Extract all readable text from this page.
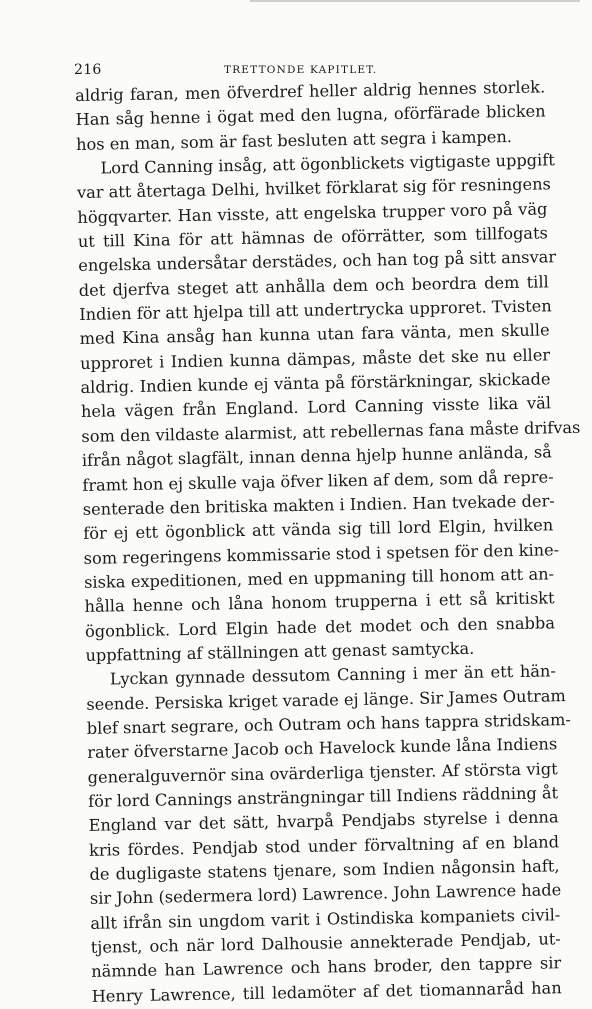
216	TRETTONDE KAPITLET.
aldrig faran, men öfverdref heller aldrig hennes storlek.
Han såg henne i ögat med den lugna, oförfärade blicken
hos en man, som är fast besluten att segra i kampen.
Lord Canning insåg, att ögonblickets vigtigaste uppgift
var att återtaga Delhi, hvilket förklarat sig för resningens
högqvarter. Han visste, att engelska trupper voro på väg
ut till Kina för att hämnas de oförrätter, som tillfogats
engelska undersåtar derstädes, och han tog på sitt ansvar
det djerfva steget att anhålla dem och beordra dem till
Indien för att hjelpa till att undertrycka upproret. Tvisten
med Kina ansåg han kunna utan fara vänta, men skulle
upproret i Indien kunna dämpas, måste det ske nu eller
aldrig. Indien kunde ej vänta på förstärkningar, skickade
hela vägen från England. Lord Canning visste lika väl
som den vildaste alarmist, att rebellernas fana måste drifvas
ifrån något slagfält, innan denna hjelp hunne anlända, så
framt hon ej skulle vaja öfver liken af dem, som då repre-
senterade den britiska makten i Indien. Han tvekade der-
för ej ett ögonblick att vända sig till lord Elgin, hvilken
som regeringens kommissarie stod i spetsen för den kine-
siska expeditionen, med en uppmaning till honom att an-
hålla henne och låna honom trupperna i ett så kritiskt
ögonblick. Lord Elgin hade det modet och den snabba
uppfattning af ställningen att genast samtycka.
Lyckan gynnade dessutom Canning i mer än ett hän-
seende. Persiska kriget varade ej länge. Sir James Outram
blef snart segrare, och Outram och hans tappra stridskam-
rater öfverstarne Jacob och Havelock kunde låna Indiens
generalguvernör sina ovärderliga tjenster. Af största vigt
för lord Cannings ansträngningar till Indiens räddning åt
England var det sätt, hvarpå Pendjabs styrelse i denna
kris fördes. Pendjab stod under förvaltning af en bland
de dugligaste statens tjenare, som Indien någonsin haft,
sir John (sedermera lord) Lawrence. John Lawrence hade
allt ifrån sin ungdom varit i Ostindiska kompaniets civil-
tjenst, och när lord Dalhousie annekterade Pendjab, ut-
nämnde han Lawrence och hans broder, den tappre sir
Henry Lawrence, till ledamöter af det tiomannaråd han
